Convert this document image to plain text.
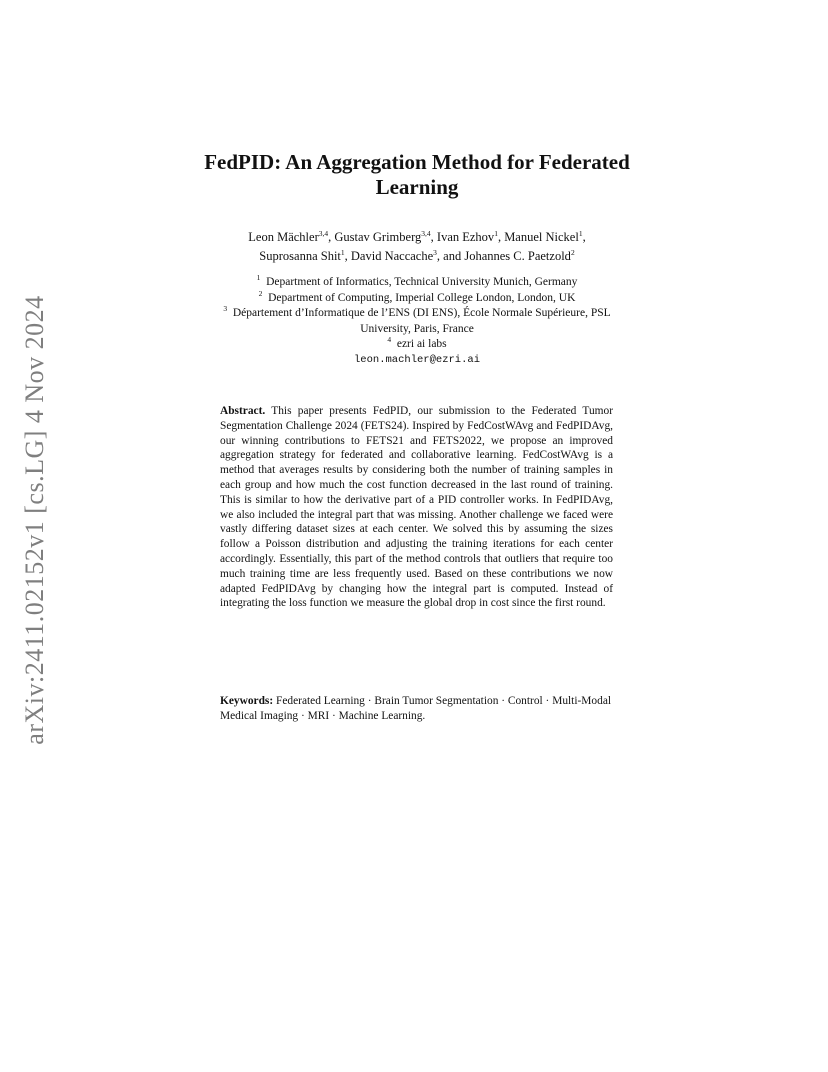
arXiv:2411.02152v1 [cs.LG] 4 Nov 2024
FedPID: An Aggregation Method for Federated
Learning
Leon Mächler$^{3,4}$, Gustav Grimberg$^{3,4}$, Ivan Ezhov$^1$, Manuel Nickel$^1$,
Suprosanna Shit$^1$, David Naccache$^3$, and Johannes C. Paetzold$^2$
$^1$ Department of Informatics, Technical University Munich, Germany
$^2$ Department of Computing, Imperial College London, London, UK
$^3$ Département d’Informatique de l’ENS (DI ENS), École Normale Supérieure, PSL
University, Paris, France
$^4$ ezri ai labs
leon.machler@ezri.ai
Abstract. This paper presents FedPID, our submission to the Federated Tumor Segmentation Challenge 2024 (FETS24). Inspired by FedCostWAvg and FedPIDAvg, our winning contributions to FETS21 and FETS2022, we propose an improved aggregation strategy for federated and collaborative learning. FedCostWAvg is a method that averages results by considering both the number of training samples in each group and how much the cost function decreased in the last round of training. This is similar to how the derivative part of a PID controller works. In FedPIDAvg, we also included the integral part that was missing. Another challenge we faced were vastly differing dataset sizes at each center. We solved this by assuming the sizes follow a Poisson distribution and adjusting the training iterations for each center accordingly. Essentially, this part of the method controls that outliers that require too much training time are less frequently used. Based on these contributions we now adapted FedPIDAvg by changing how the integral part is computed. Instead of integrating the loss function we measure the global drop in cost since the first round.
Keywords: Federated Learning · Brain Tumor Segmentation · Control · Multi-Modal Medical Imaging · MRI · Machine Learning.
